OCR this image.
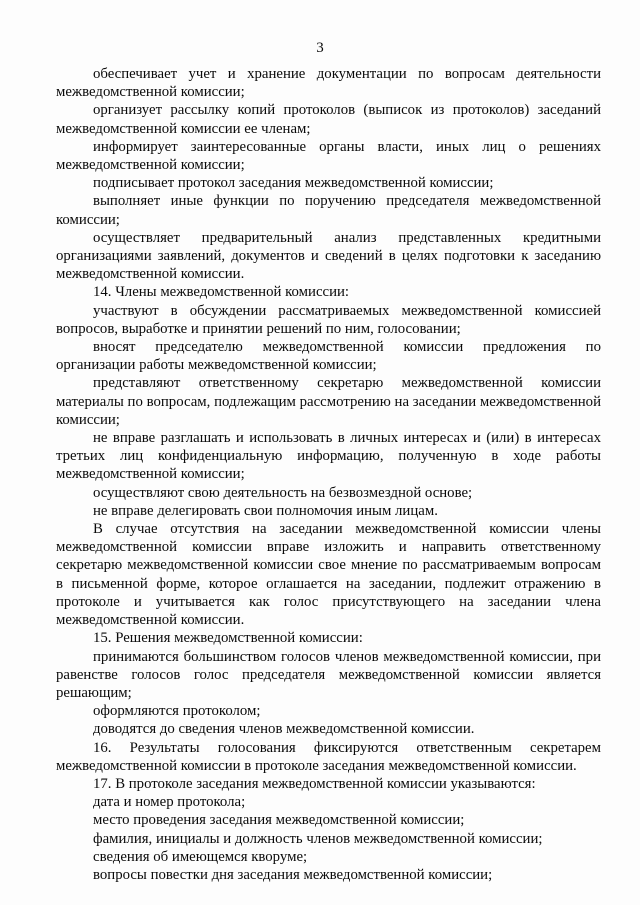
3

обеспечивает учет и хранение документации по вопросам деятельности межведомственной комиссии;

организует рассылку копий протоколов (выписок из протоколов) заседаний межведомственной комиссии ее членам;

информирует заинтересованные органы власти, иных лиц о решениях межведомственной комиссии;

подписывает протокол заседания межведомственной комиссии;

выполняет иные функции по поручению председателя межведомственной комиссии;

осуществляет предварительный анализ представленных кредитными организациями заявлений, документов и сведений в целях подготовки к заседанию межведомственной комиссии.

14. Члены межведомственной комиссии:

участвуют в обсуждении рассматриваемых межведомственной комиссией вопросов, выработке и принятии решений по ним, голосовании;

вносят председателю межведомственной комиссии предложения по организации работы межведомственной комиссии;

представляют ответственному секретарю межведомственной комиссии материалы по вопросам, подлежащим рассмотрению на заседании межведомственной комиссии;

не вправе разглашать и использовать в личных интересах и (или) в интересах третьих лиц конфиденциальную информацию, полученную в ходе работы межведомственной комиссии;

осуществляют свою деятельность на безвозмездной основе;

не вправе делегировать свои полномочия иным лицам.

В случае отсутствия на заседании межведомственной комиссии члены межведомственной комиссии вправе изложить и направить ответственному секретарю межведомственной комиссии свое мнение по рассматриваемым вопросам в письменной форме, которое оглашается на заседании, подлежит отражению в протоколе и учитывается как голос присутствующего на заседании члена межведомственной комиссии.

15. Решения межведомственной комиссии:

принимаются большинством голосов членов межведомственной комиссии, при равенстве голосов голос председателя межведомственной комиссии является решающим;

оформляются протоколом;

доводятся до сведения членов межведомственной комиссии.

16. Результаты голосования фиксируются ответственным секретарем межведомственной комиссии в протоколе заседания межведомственной комиссии.

17. В протоколе заседания межведомственной комиссии указываются:

дата и номер протокола;

место проведения заседания межведомственной комиссии;

фамилия, инициалы и должность членов межведомственной комиссии;

сведения об имеющемся кворуме;

вопросы повестки дня заседания межведомственной комиссии;
